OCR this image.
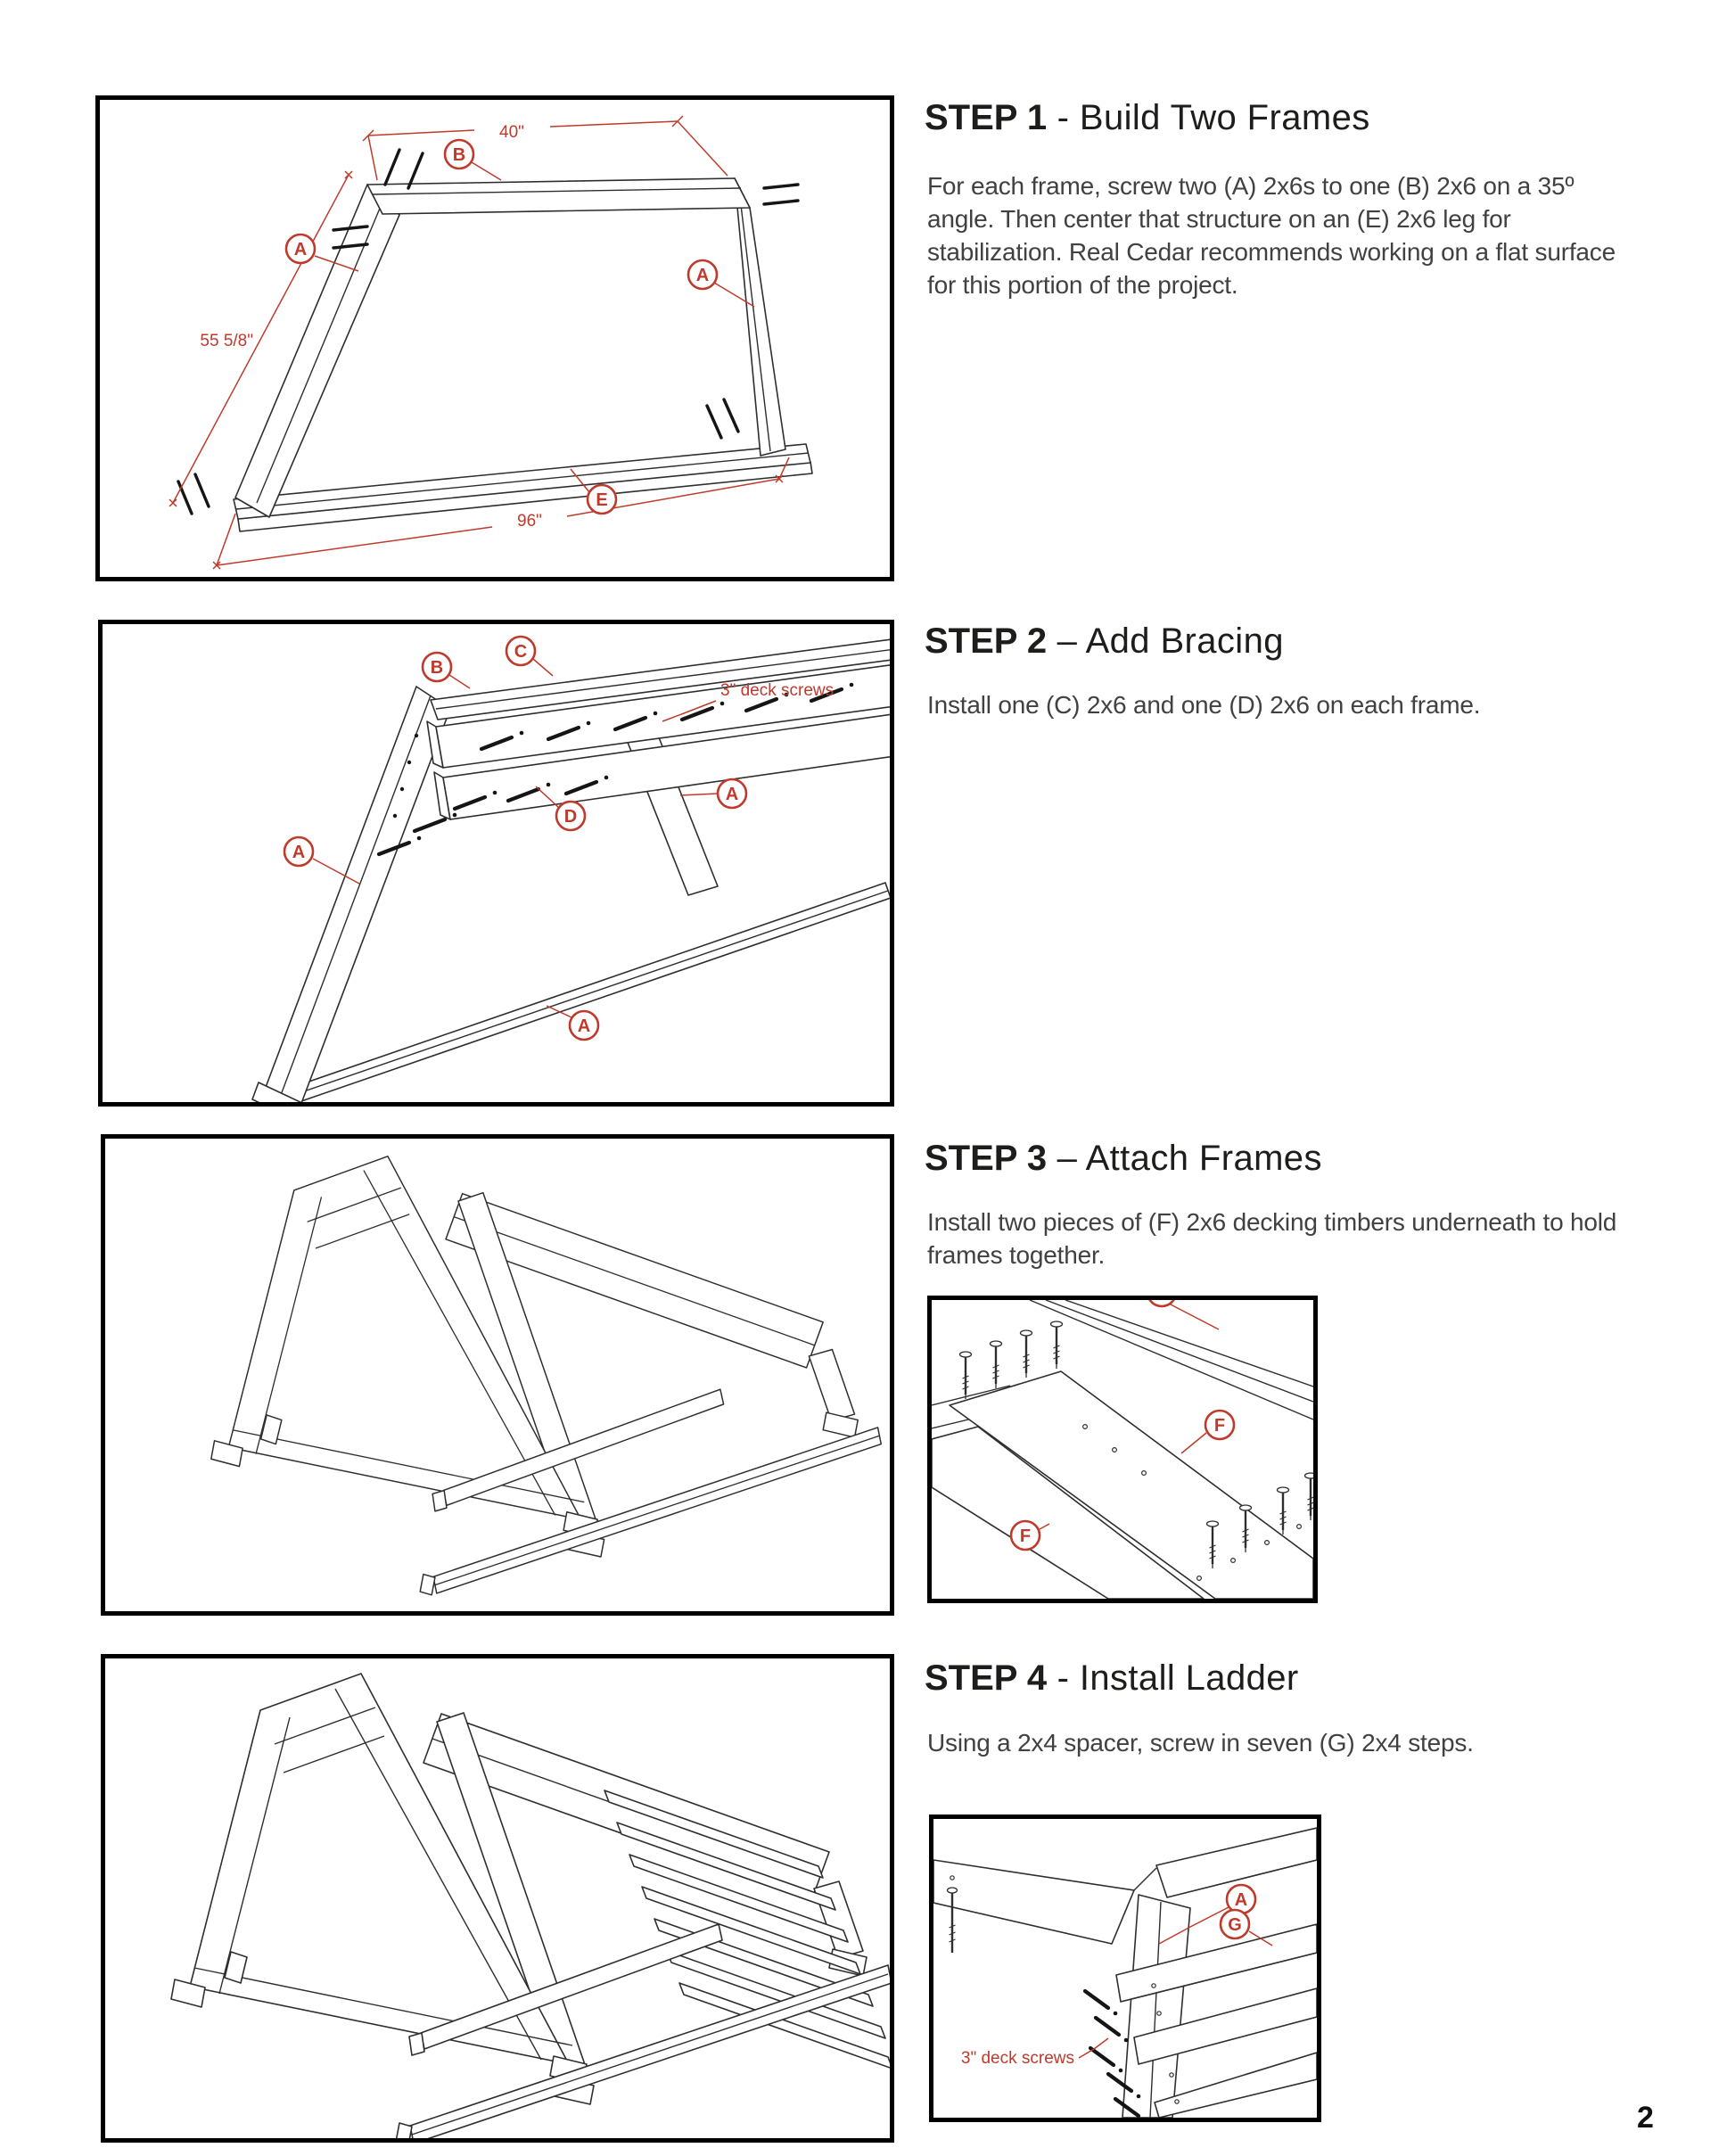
40"
55 5/8"
96"
B
A
A
E
3" deck screws
B
C
D
A
A
A
F
F
3" deck screws
A
G
STEP 1 - Build Two Frames

For each frame, screw two (A) 2x6s to one (B) 2x6 on a 35º angle. Then center that structure on an (E) 2x6 leg for stabilization. Real Cedar recommends working on a flat surface for this portion of the project.

STEP 2 – Add Bracing

Install one (C) 2x6 and one (D) 2x6 on each frame.

STEP 3 – Attach Frames

Install two pieces of (F) 2x6 decking timbers underneath to hold frames together.

STEP 4 - Install Ladder

Using a 2x4 spacer, screw in seven (G) 2x4 steps.

2
